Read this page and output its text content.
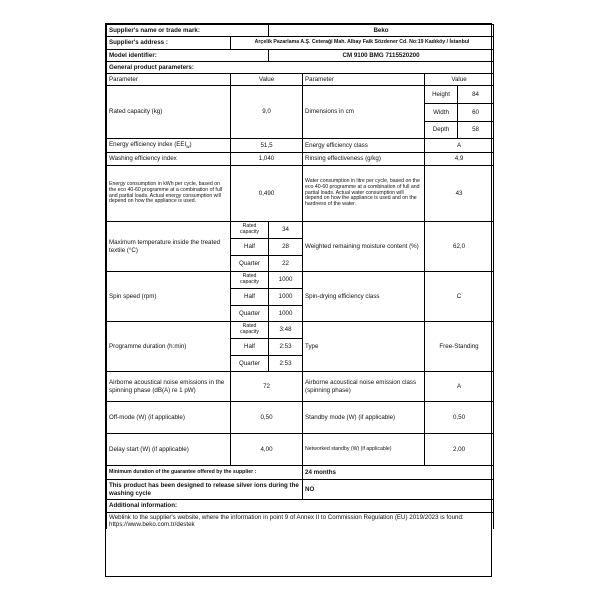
Supplier's name or trade mark:		Beko			
Supplier's address :	Arçelik Pazarlama A.Ş. Ceteraği Mah. Albay Faik Sözdener Cd. No:19 Kadıköy / İstanbul				
Model identifier:		CM 9100 BMG 7115520200			
General product parameters:					
Parameter	Value		Parameter	Value	
Rated capacity (kg)	9,0		Dimensions in cm	Height	84
				Width	60
				Depth	58
Energy efficiency index $(EEI_w)$	51,5		Energy efficiency class	A	
Washing efficiency index	1,040		Rinsing effectiveness (g/kg)	4,9	
Energy consumption in kWh per cycle, based on the eco 40-60 programme at a combination of full and partial loads. Actual energy consumption will depend on how the appliance is used.	0,490		Water consumption in litre per cycle, based on the eco 40-60 programme at a combination of full and partial loads. Actual water consumption will depend on how the appliance is used and on the hardness of the water.	43	
Maximum temperature inside the treated textile (°C)	Rated capacity	34	Weighted remaining moisture content (%)	62,0	
	Half	28			
	Quarter	22			
Spin speed (rpm)	Rated capacity	1000	Spin-drying efficiency class	C	
	Half	1000			
	Quarter	1000			
Programme duration (h:min)	Rated capacity	3:48	Type	Free-Standing	
	Half	2:53			
	Quarter	2:53			
Airborne acoustical noise emissions in the spinning phase (dB(A) re 1 pW)	72		Airborne acoustical noise emission class (spinning phase)	A	
Off-mode (W) (if applicable)	0,50		Standby mode (W) (if applicable)	0,50	
Delay start (W) (if applicable)	4,00		Networked standby (W) (if applicable)	2,00	
Minimum duration of the guarantee offered by the supplier :			24 months		
This product has been designed to release silver ions during the washing cycle			NO		
Additional information:					
Weblink to the supplier's website, where the information in point 9 of Annex II to Commission Regulation (EU) 2019/2023 is found: https://www.beko.com.tr/destek					
